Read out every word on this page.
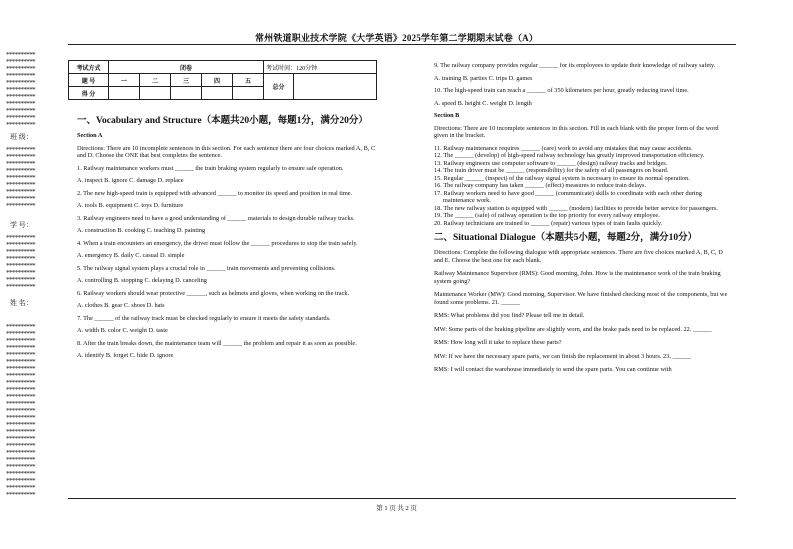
常州铁道职业技术学院《大学英语》2025学年第二学期期末试卷（A）
**********
**********
**********
**********
**********
**********
**********
**********
**********
**********
**********
班 级：
**********
**********
**********
**********
**********
**********
**********
**********
**********
学 号：
**********
**********
**********
**********
**********
**********
**********
**********
姓 名：
**********
**********
**********
**********
**********
**********
**********
**********
**********
**********
**********
**********
**********
**********
**********
**********
**********
**********
**********
**********
**********
**********
**********
**********
**********
考试方式	闭卷					考试时间：120分钟	
题 号	一	二	三	四	五	总分	
得 分							

一、Vocabulary and Structure（本题共20小题，每题1分，满分20分）

Section A

Directions: There are 10 incomplete sentences in this section. For each sentence there are four choices marked A, B, C and D. Choose the ONE that best completes the sentence.

1. Railway maintenance workers must ______ the train braking system regularly to ensure safe operation.

A. inspect B. ignore C. damage D. replace

2. The new high-speed train is equipped with advanced ______ to monitor its speed and position in real time.

A. tools B. equipment C. toys D. furniture

3. Railway engineers need to have a good understanding of ______ materials to design durable railway tracks.

A. construction B. cooking C. teaching D. painting

4. When a train encounters an emergency, the driver must follow the ______ procedures to stop the train safely.

A. emergency B. daily C. casual D. simple

5. The railway signal system plays a crucial role in ______ train movements and preventing collisions.

A. controlling B. stopping C. delaying D. canceling

6. Railway workers should wear protective ______, such as helmets and gloves, when working on the track.

A. clothes B. gear C. shoes D. hats

7. The ______ of the railway track must be checked regularly to ensure it meets the safety standards.

A. width B. color C. weight D. taste

8. After the train breaks down, the maintenance team will ______ the problem and repair it as soon as possible.

A. identify B. forget C. hide D. ignore

9. The railway company provides regular ______ for its employees to update their knowledge of railway safety.

A. training B. parties C. trips D. games

10. The high-speed train can reach a ______ of 350 kilometers per hour, greatly reducing travel time.

A. speed B. height C. weight D. length

Section B

Directions: There are 10 incomplete sentences in this section. Fill in each blank with the proper form of the word given in the bracket.

11. Railway maintenance requires ______ (care) work to avoid any mistakes that may cause accidents.

12. The ______ (develop) of high-speed railway technology has greatly improved transportation efficiency.

13. Railway engineers use computer software to ______ (design) railway tracks and bridges.

14. The train driver must be ______ (responsibility) for the safety of all passengers on board.

15. Regular ______ (inspect) of the railway signal system is necessary to ensure its normal operation.

16. The railway company has taken ______ (effect) measures to reduce train delays.

17. Railway workers need to have good ______ (communicate) skills to coordinate with each other during maintenance work.

18. The new railway station is equipped with ______ (modern) facilities to provide better service for passengers.

19. The ______ (safe) of railway operation is the top priority for every railway employee.

20. Railway technicians are trained to ______ (repair) various types of train faults quickly.

二、Situational Dialogue（本题共5小题，每题2分，满分10分）

Directions: Complete the following dialogue with appropriate sentences. There are five choices marked A, B, C, D and E. Choose the best one for each blank.

Railway Maintenance Supervisor (RMS): Good morning, John. How is the maintenance work of the train braking system going?

Maintenance Worker (MW): Good morning, Supervisor. We have finished checking most of the components, but we found some problems. 21. ______

RMS: What problems did you find? Please tell me in detail.

MW: Some parts of the braking pipeline are slightly worn, and the brake pads need to be replaced. 22. ______

RMS: How long will it take to replace these parts?

MW: If we have the necessary spare parts, we can finish the replacement in about 3 hours. 23. ______

RMS: I will contact the warehouse immediately to send the spare parts. You can continue with

第 1 页 共 2 页
